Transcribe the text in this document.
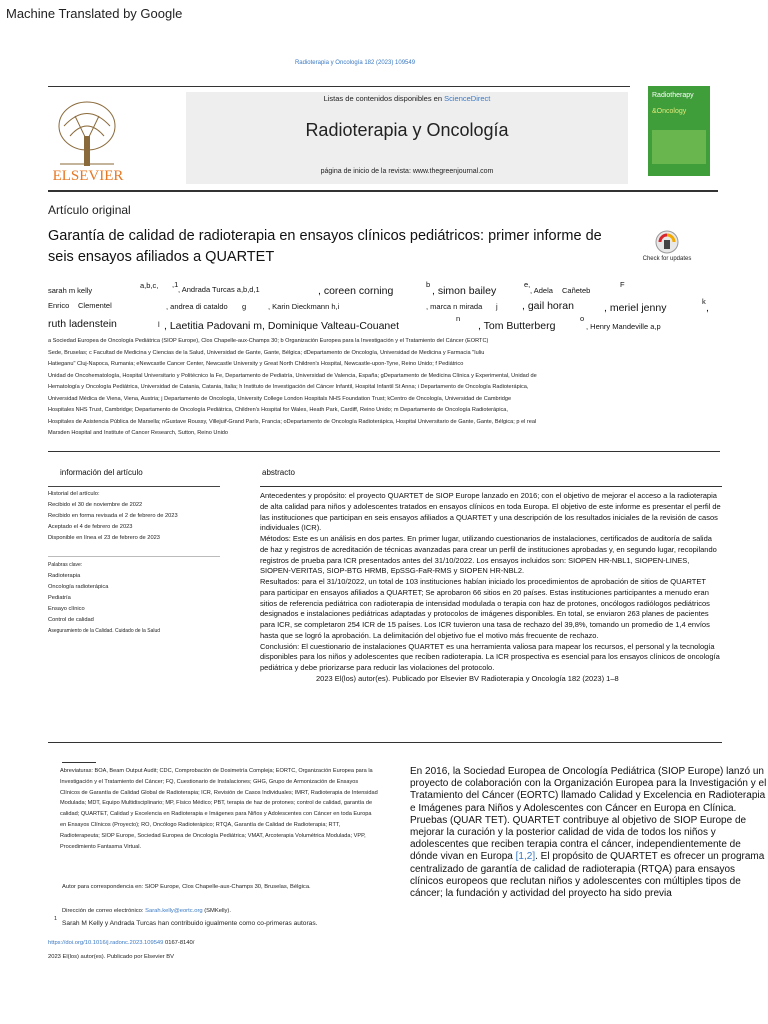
Machine Translated by Google
Radioterapia y Oncología 182 (2023) 109549
ELSEVIER
Listas de contenidos disponibles en ScienceDirect
Radioterapia y Oncología
página de inicio de la revista: www.thegreenjournal.com
Radiotherapy
&Oncology
Artículo original
Garantía de calidad de radioterapia en ensayos clínicos pediátricos: primer informe de seis ensayos afiliados a QUARTET	Check for updates
sarah m kelly
a,b,c, ,1
, Andrada Turcas a,b,d,1	, coreen corning
b
, simon bailey
e,
, Adela Cañeteb
F
Enrico Clementel	, andrea di cataldo g	, Karin Dieckmann h,i	, marca n mirada j , gail horan	, meriel jenny
k
,
ruth ladenstein	l , Laetitia Padovani m, Dominique Valteau-Couanet
n
, Tom Butterberg
o
, Henry Mandeville a,p

a Sociedad Europea de Oncología Pediátrica (SIOP Europe), Clos Chapelle-aux-Champs 30; b Organización Europea para la Investigación y el Tratamiento del Cáncer (EORTC)

Sede, Bruselas; c Facultad de Medicina y Ciencias de la Salud, Universidad de Gante, Gante, Bélgica; dDepartamento de Oncología, Universidad de Medicina y Farmacia "Iuliu

Hatieganu" Cluj-Napoca, Rumania; eNewcastle Cancer Center, Newcastle University y Great North Children's Hospital, Newcastle-upon-Tyne, Reino Unido; f Pediátrico

Unidad de Oncohematología, Hospital Universitario y Politécnico la Fe, Departamento de Pediatría, Universidad de Valencia, España; gDepartamento de Medicina Clínica y Experimental, Unidad de

Hematología y Oncología Pediátrica, Universidad de Catania, Catania, Italia; h Instituto de Investigación del Cáncer Infantil, Hospital Infantil St Anna; i Departamento de Oncología Radioterápica,

Universidad Médica de Viena, Viena, Austria; j Departamento de Oncología, University College London Hospitals NHS Foundation Trust; kCentro de Oncología, Universidad de Cambridge

Hospitales NHS Trust, Cambridge; Departamento de Oncología Pediátrica, Children's Hospital for Wales, Heath Park, Cardiff, Reino Unido; m Departamento de Oncología Radioterápica,

Hospitales de Asistencia Pública de Marsella; nGustave Roussy, Villejuif-Grand París, Francia; oDepartamento de Oncología Radioterápica, Hospital Universitario de Gante, Gante, Bélgica; p el real

Marsden Hospital and Institute of Cancer Research, Sutton, Reino Unido

información del artículo
Historial del artículo:
Recibido el 30 de noviembre de 2022
Recibido en forma revisada el 2 de febrero de 2023
Aceptado el 4 de febrero de 2023
Disponible en línea el 23 de febrero de 2023
Palabras clave:
Radioterapia
Oncología radioterápica
Pediatría
Ensayo clínico
Control de calidad
Aseguramiento de la Calidad. Cuidado de la Salud
abstracto

Antecedentes y propósito: el proyecto QUARTET de SIOP Europe lanzado en 2016; con el objetivo de mejorar el acceso a la radioterapia de alta calidad para niños y adolescentes tratados en ensayos clínicos en toda Europa. El objetivo de este informe es presentar el perfil de las instituciones que participan en seis ensayos afiliados a QUARTET y una descripción de los resultados iniciales de la revisión de casos individuales (ICR).

Métodos: Este es un análisis en dos partes. En primer lugar, utilizando cuestionarios de instalaciones, certificados de auditoría de salida de haz y registros de acreditación de técnicas avanzadas para crear un perfil de instituciones aprobadas y, en segundo lugar, recopilando registros de prueba para ICR presentados antes del 31/10/2022. Los ensayos incluidos son: SIOPEN HR-NBL1, SIOPEN-LINES, SIOPEN-VERITAS, SIOP-BTG HRMB, EpSSG-FaR-RMS y SIOPEN HR-NBL2.

Resultados: para el 31/10/2022, un total de 103 instituciones habían iniciado los procedimientos de aprobación de sitios de QUARTET para participar en ensayos afiliados a QUARTET; Se aprobaron 66 sitios en 20 países. Estas instituciones participantes a menudo eran sitios de referencia pediátrica con radioterapia de intensidad modulada o terapia con haz de protones, oncólogos radiólogos pediátricos designados e instalaciones pediátricas adaptadas y protocolos de imágenes disponibles. En total, se enviaron 263 planes de pacientes para ICR, se completaron 254 ICR de 15 países. Los ICR tuvieron una tasa de rechazo del 39,8%, tomando un promedio de 1,4 envíos hasta que se logró la aprobación. La delimitación del objetivo fue el motivo más frecuente de rechazo.

Conclusión: El cuestionario de instalaciones QUARTET es una herramienta valiosa para mapear los recursos, el personal y la tecnología disponibles para los niños y adolescentes que reciben radioterapia. La ICR prospectiva es esencial para los ensayos clínicos de oncología pediátrica y debe priorizarse para reducir las violaciones del protocolo.

2023 El(los) autor(es). Publicado por Elsevier BV Radioterapia y Oncología 182 (2023) 1–8

Abreviaturas: BOA, Beam Output Audit; CDC, Comprobación de Dosimetría Compleja; EORTC, Organización Europea para la Investigación y el Tratamiento del Cáncer; FQ, Cuestionario de Instalaciones; GHG, Grupo de Armonización de Ensayos Clínicos de Garantía de Calidad Global de Radioterapia; ICR, Revisión de Casos Individuales; IMRT, Radioterapia de Intensidad Modulada; MDT, Equipo Multidisciplinario; MP, Físico Médico; PBT, terapia de haz de protones; control de calidad, garantía de calidad; QUARTET, Calidad y Excelencia en Radioterapia e Imágenes para Niños y Adolescentes con Cáncer en toda Europa en Ensayos Clínicos (Proyecto); RO, Oncólogo Radioterápico; RTQA, Garantía de Calidad de Radioterapia; RTT, Radioterapeuta; SIOP Europe, Sociedad Europea de Oncología Pediátrica; VMAT, Arcoterapia Volumétrica Modulada; VPP, Procedimiento Fantasma Virtual.
Autor para correspondencia en: SIOP Europe, Clos Chapelle-aux-Champs 30, Bruselas, Bélgica.
Dirección de correo electrónico: Sarah.kelly@eortc.org (SMKelly).
1
Sarah M Kelly y Andrada Turcas han contribuido igualmente como co-primeras autoras.
https://doi.org/10.1016/j.radonc.2023.109549 0167-8140/
2023 El(los) autor(es). Publicado por Elsevier BV
En 2016, la Sociedad Europea de Oncología Pediátrica (SIOP Europe) lanzó un proyecto de colaboración con la Organización Europea para la Investigación y el Tratamiento del Cáncer (EORTC) llamado Calidad y Excelencia en Radioterapia e Imágenes para Niños y Adolescentes con Cáncer en Europa en Clínica. Pruebas (QUAR TET). QUARTET contribuye al objetivo de SIOP Europe de mejorar la curación y la posterior calidad de vida de todos los niños y adolescentes que reciben terapia contra el cáncer, independientemente de dónde vivan en Europa [1,2]. El propósito de QUARTET es ofrecer un programa centralizado de garantía de calidad de radioterapia (RTQA) para ensayos clínicos europeos que reclutan niños y adolescentes con múltiples tipos de cáncer; la fundación y actividad del proyecto ha sido previa
